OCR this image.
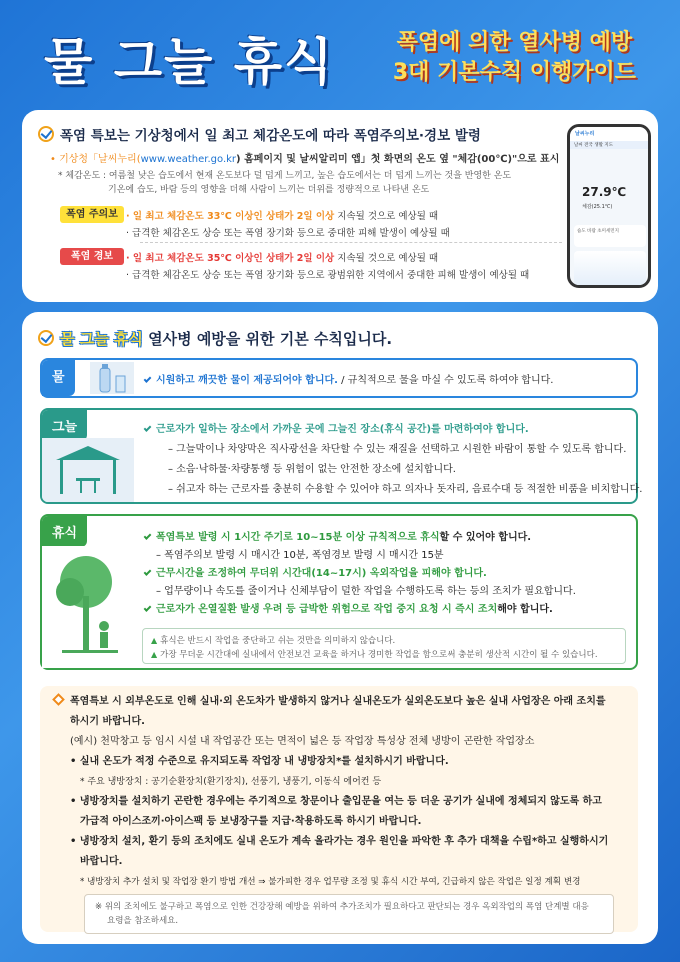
물 그늘 휴식	폭염에 의한 열사병 예방
3대 기본수칙 이행가이드
폭염 특보는 기상청에서 일 최고 체감온도에 따라 폭염주의보·경보 발령
• 기상청「날씨누리(www.weather.go.kr) 홈페이지 및 날씨알리미 앱」첫 화면의 온도 옆 "체감(00℃)"으로 표시
* 체감온도 : 여름철 낮은 습도에서 현재 온도보다 덜 덥게 느끼고, 높은 습도에서는 더 덥게 느끼는 것을 반영한 온도
기온에 습도, 바람 등의 영향을 더해 사람이 느끼는 더위를 정량적으로 나타낸 온도
폭염 주의보 · 일 최고 체감온도 33℃ 이상인 상태가 2일 이상 지속될 것으로 예상될 때
· 급격한 체감온도 상승 또는 폭염 장기화 등으로 중대한 피해 발생이 예상될 때
폭염 경보	· 일 최고 체감온도 35℃ 이상인 상태가 2일 이상 지속될 것으로 예상될 때
· 급격한 체감온도 상승 또는 폭염 장기화 등으로 광범위한 지역에서 중대한 피해 발생이 예상될 때
날씨누리
날씨 전국 생활 지도
27.9℃
체감(25.1℃)
습도 바람 초미세먼지
물 그늘 휴식 열사병 예방을 위한 기본 수칙입니다.
물	시원하고 깨끗한 물이 제공되어야 합니다. / 규칙적으로 물을 마실 수 있도록 하여야 합니다.
그늘	근로자가 일하는 장소에서 가까운 곳에 그늘진 장소(휴식 공간)를 마련하여야 합니다.
– 그늘막이나 차양막은 직사광선을 차단할 수 있는 재질을 선택하고 시원한 바람이 통할 수 있도록 합니다.
– 소음·낙하물·차량통행 등 위험이 없는 안전한 장소에 설치합니다.
– 쉬고자 하는 근로자를 충분히 수용할 수 있어야 하고 의자나 돗자리, 음료수대 등 적절한 비품을 비치합니다.
휴식	폭염특보 발령 시 1시간 주기로 10~15분 이상 규칙적으로 휴식할 수 있어야 합니다.
– 폭염주의보 발령 시 매시간 10분, 폭염경보 발령 시 매시간 15분
근무시간을 조정하여 무더위 시간대(14~17시) 옥외작업을 피해야 합니다.
– 업무량이나 속도를 줄이거나 신체부담이 덜한 작업을 수행하도록 하는 등의 조치가 필요합니다.
근로자가 온열질환 발생 우려 등 급박한 위험으로 작업 중지 요청 시 즉시 조치해야 합니다.
▲ 휴식은 반드시 작업을 중단하고 쉬는 것만을 의미하지 않습니다.
▲ 가장 무더운 시간대에 실내에서 안전보건 교육을 하거나 경미한 작업을 함으로써 충분히 생산적 시간이 될 수 있습니다.
폭염특보 시 외부온도로 인해 실내·외 온도차가 발생하지 않거나 실내온도가 실외온도보다 높은 실내 사업장은 아래 조치를
하시기 바랍니다.
(예시) 천막창고 등 임시 시설 내 작업공간 또는 면적이 넓은 등 작업장 특성상 전체 냉방이 곤란한 작업장소
• 실내 온도가 적정 수준으로 유지되도록 작업장 내 냉방장치*를 설치하시기 바랍니다.
* 주요 냉방장치 : 공기순환장치(환기장치), 선풍기, 냉풍기, 이동식 에어컨 등
• 냉방장치를 설치하기 곤란한 경우에는 주기적으로 창문이나 출입문을 여는 등 더운 공기가 실내에 정체되지 않도록 하고
가급적 아이스조끼·아이스팩 등 보냉장구를 지급·착용하도록 하시기 바랍니다.
• 냉방장치 설치, 환기 등의 조치에도 실내 온도가 계속 올라가는 경우 원인을 파악한 후 추가 대책을 수립*하고 실행하시기
바랍니다.
* 냉방장치 추가 설치 및 작업장 환기 방법 개선 ⇒ 불가피한 경우 업무량 조정 및 휴식 시간 부여, 긴급하지 않은 작업은 일정 계획 변경
※ 위의 조치에도 불구하고 폭염으로 인한 건강장해 예방을 위하여 추가조치가 필요하다고 판단되는 경우 옥외작업의 폭염 단계별 대응
요령을 참조하세요.
